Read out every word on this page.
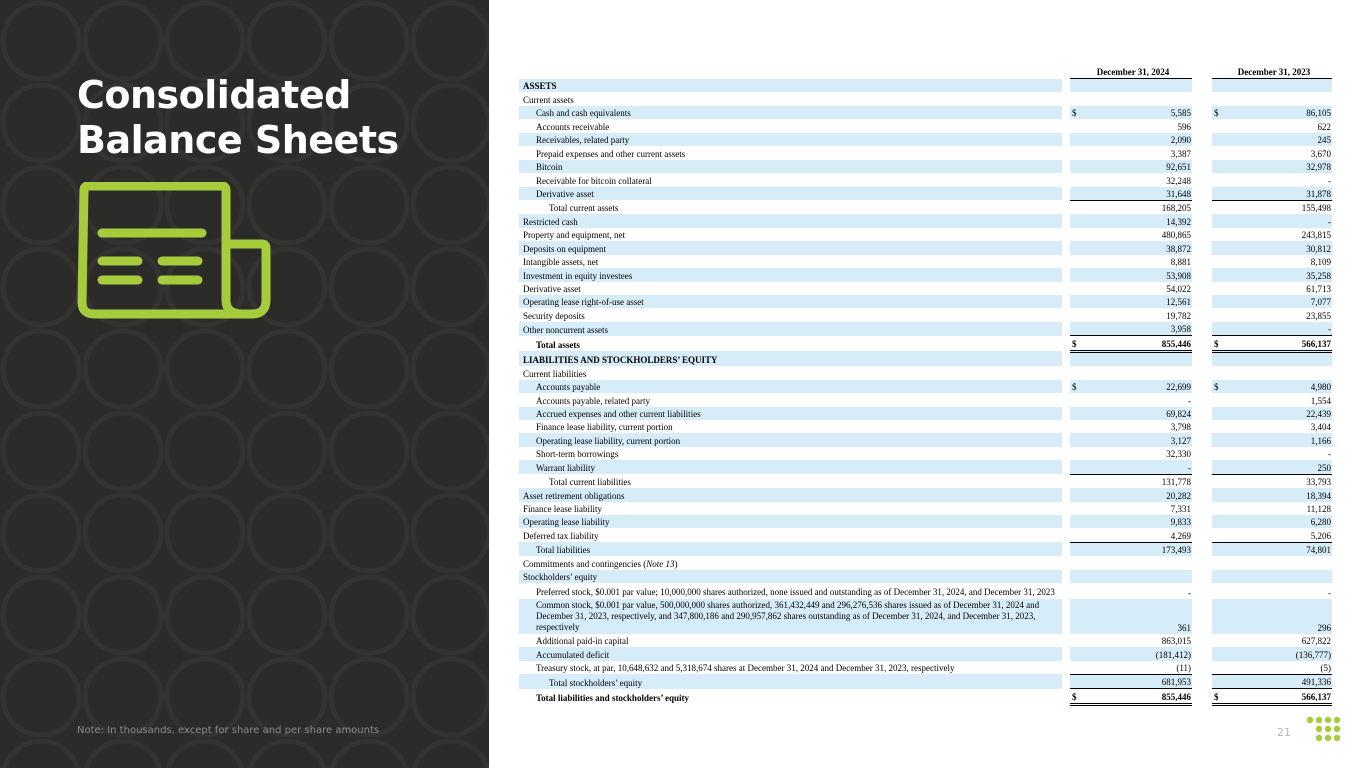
Consolidated
Balance Sheets
Note: In thousands, except for share and per share amounts
		December 31, 2024			December 31, 2023	
ASSETS						
Current assets						
Cash and cash equivalents		$	5,585		$	86,105
Accounts receivable			596			622
Receivables, related party			2,090			245
Prepaid expenses and other current assets			3,387			3,670
Bitcoin			92,651			32,978
Receivable for bitcoin collateral			32,248			-
Derivative asset			31,648			31,878
Total current assets			168,205			155,498
Restricted cash			14,392			-
Property and equipment, net			480,865			243,815
Deposits on equipment			38,872			30,812
Intangible assets, net			8,881			8,109
Investment in equity investees			53,908			35,258
Derivative asset			54,022			61,713
Operating lease right-of-use asset			12,561			7,077
Security deposits			19,782			23,855
Other noncurrent assets			3,958			-
Total assets		$	855,446		$	566,137
LIABILITIES AND STOCKHOLDERS’ EQUITY						
Current liabilities						
Accounts payable		$	22,699		$	4,980
Accounts payable, related party			-			1,554
Accrued expenses and other current liabilities			69,824			22,439
Finance lease liability, current portion			3,798			3,404
Operating lease liability, current portion			3,127			1,166
Short-term borrowings			32,330			-
Warrant liability			-			250
Total current liabilities			131,778			33,793
Asset retirement obligations			20,282			18,394
Finance lease liability			7,331			11,128
Operating lease liability			9,833			6,280
Deferred tax liability			4,269			5,206
Total liabilities			173,493			74,801
Commitments and contingencies (Note 13)						
Stockholders’ equity						
Preferred stock, $0.001 par value; 10,000,000 shares authorized, none issued and outstanding as of December 31, 2024, and December 31, 2023			-			-
Common stock, $0.001 par value, 500,000,000 shares authorized, 361,432,449 and 296,276,536 shares issued as of December 31, 2024 and December 31, 2023, respectively, and 347,800,186 and 290,957,862 shares outstanding as of December 31, 2024, and December 31, 2023, respectively			361			296
Additional paid-in capital			863,015			627,822
Accumulated deficit			(181,412)			(136,777)
Treasury stock, at par, 10,648,632 and 5,318,674 shares at December 31, 2024 and December 31, 2023, respectively			(11)			(5)
Total stockholders’ equity			681,953			491,336
Total liabilities and stockholders’ equity		$	855,446		$	566,137
21
